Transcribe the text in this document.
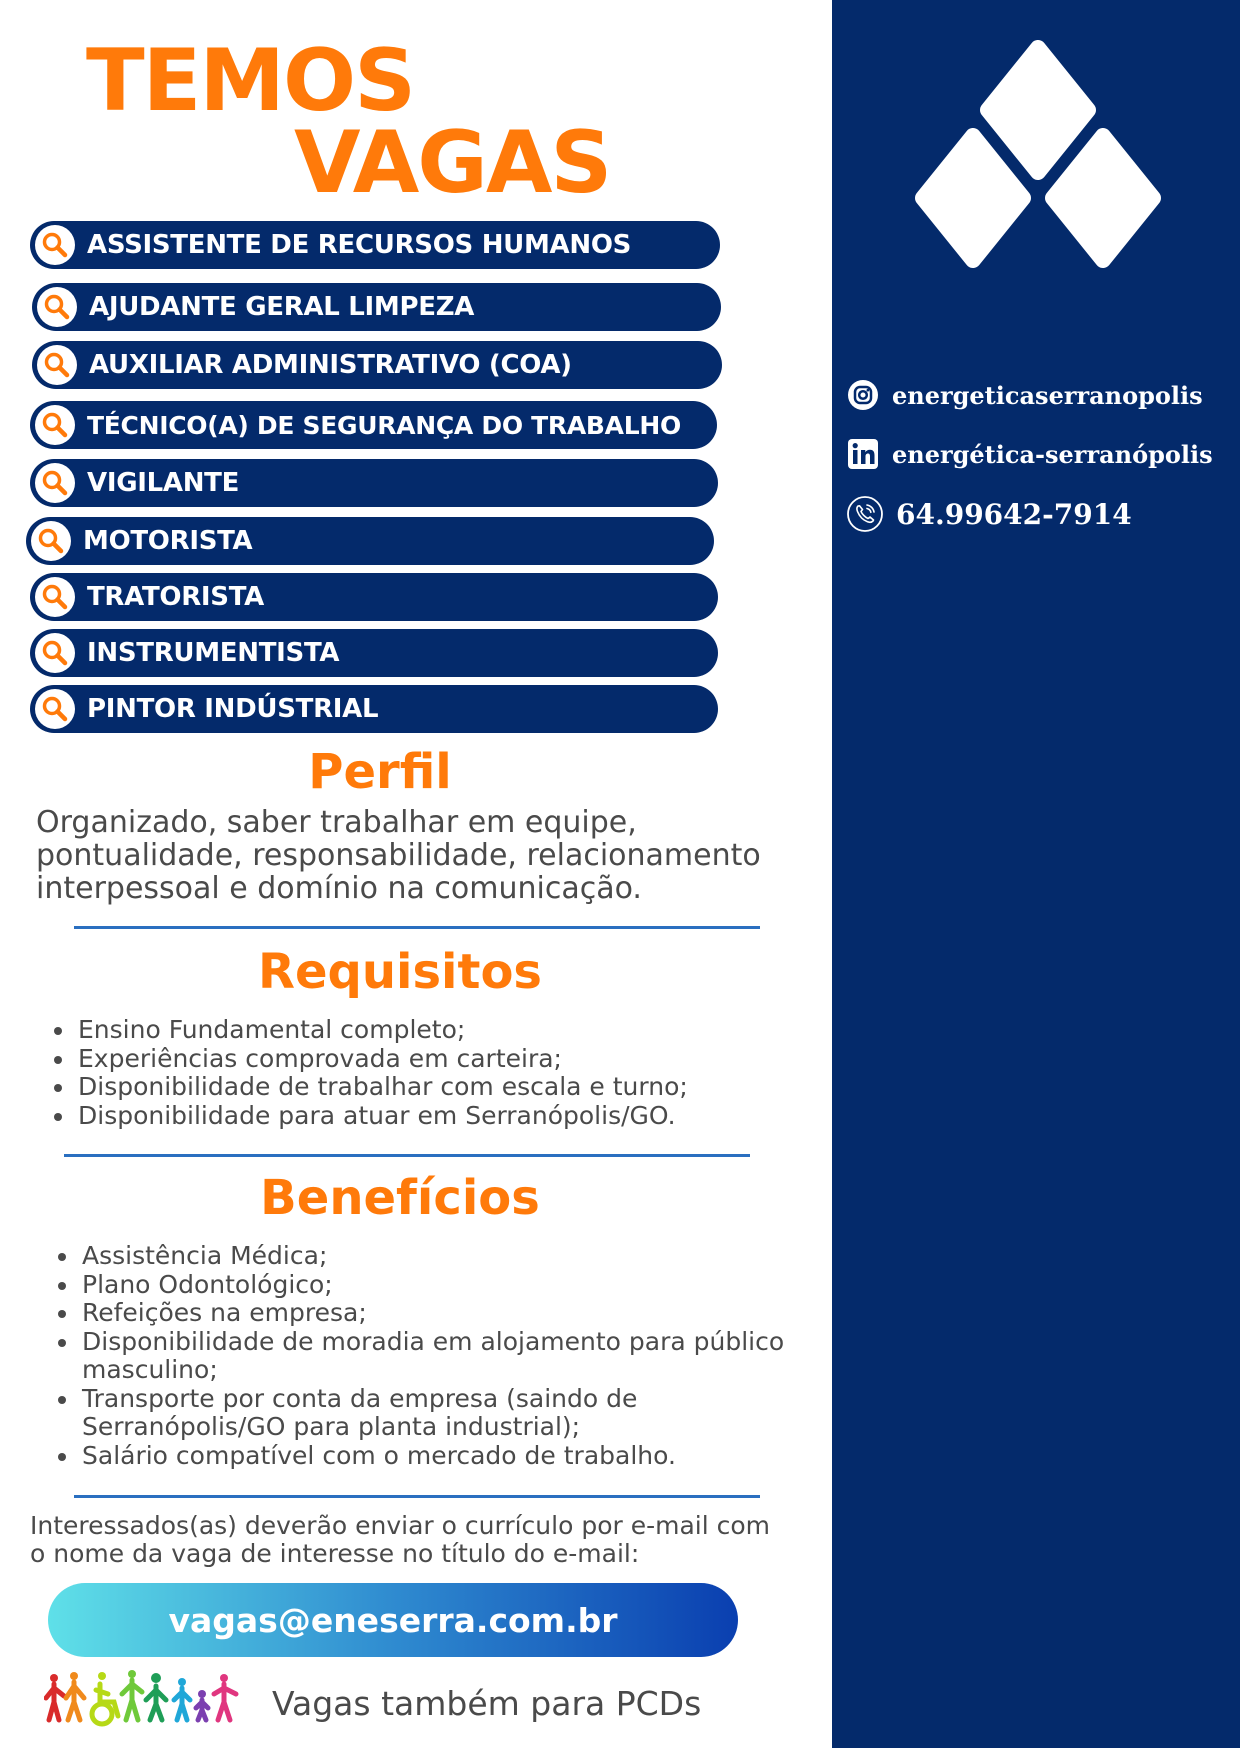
TEMOS
VAGAS
ASSISTENTE DE RECURSOS HUMANOS
AJUDANTE GERAL LIMPEZA
AUXILIAR ADMINISTRATIVO (COA)
TÉCNICO(A) DE SEGURANÇA DO TRABALHO
VIGILANTE
MOTORISTA
TRATORISTA
INSTRUMENTISTA
PINTOR INDÚSTRIAL
Perfil
Organizado, saber trabalhar em equipe,
pontualidade, responsabilidade, relacionamento
interpessoal e domínio na comunicação.
Requisitos
• Ensino Fundamental completo;
• Experiências comprovada em carteira;
• Disponibilidade de trabalhar com escala e turno;
• Disponibilidade para atuar em Serranópolis/GO.
Benefícios
• Assistência Médica;
• Plano Odontológico;
• Refeições na empresa;
• Disponibilidade de moradia em alojamento para público masculino;
• Transporte por conta da empresa (saindo de Serranópolis/GO para planta industrial);
• Salário compatível com o mercado de trabalho.
Interessados(as) deverão enviar o currículo por e-mail com
o nome da vaga de interesse no título do e-mail:
vagas@eneserra.com.br
Vagas também para PCDs
energeticaserranopolis
energética-serranópolis
64.99642-7914
